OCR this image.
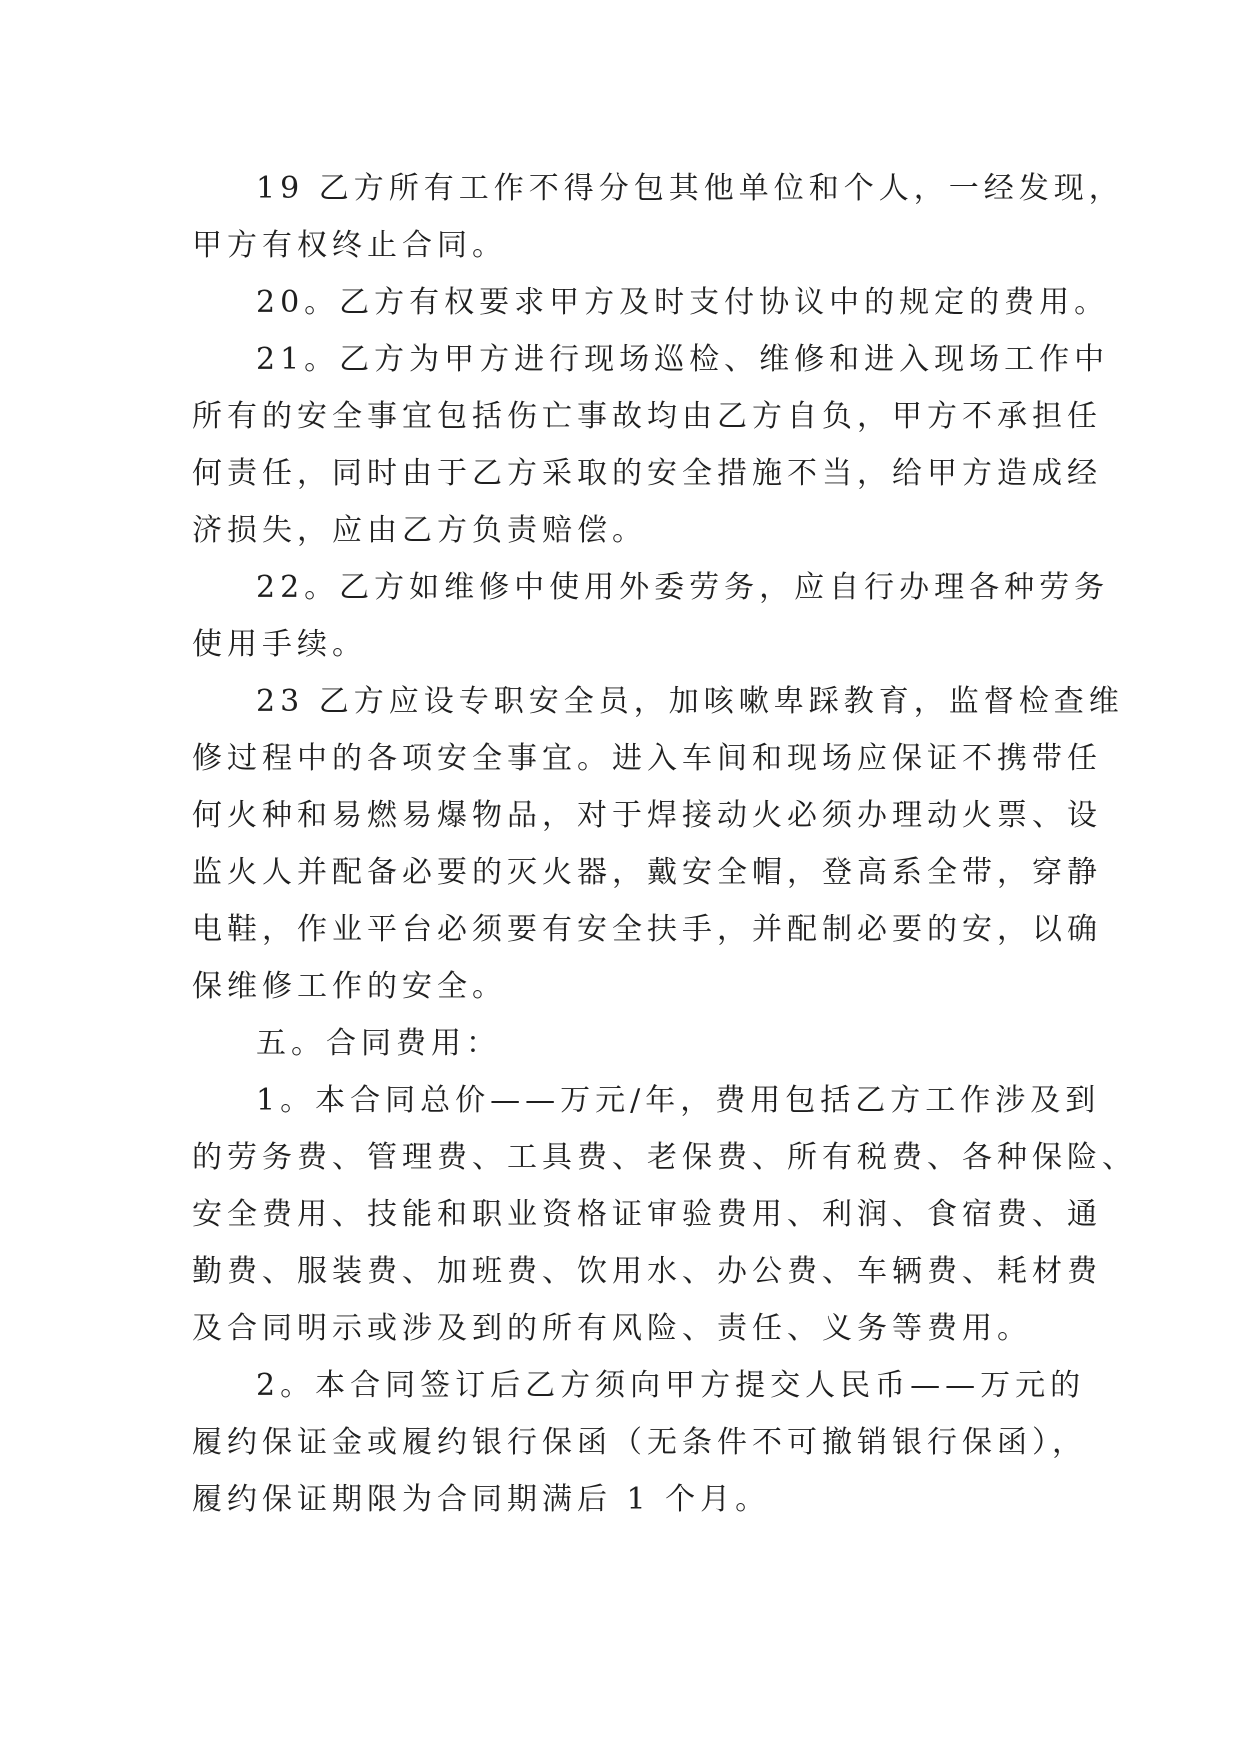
19 乙方所有工作不得分包其他单位和个人，一经发现，
甲方有权终止合同。
20。乙方有权要求甲方及时支付协议中的规定的费用。
21。乙方为甲方进行现场巡检、维修和进入现场工作中
所有的安全事宜包括伤亡事故均由乙方自负，甲方不承担任
何责任，同时由于乙方采取的安全措施不当，给甲方造成经
济损失，应由乙方负责赔偿。
22。乙方如维修中使用外委劳务，应自行办理各种劳务
使用手续。
23 乙方应设专职安全员，加咳嗽卑踩教育，监督检查维
修过程中的各项安全事宜。进入车间和现场应保证不携带任
何火种和易燃易爆物品，对于焊接动火必须办理动火票、设
监火人并配备必要的灭火器，戴安全帽，登高系全带，穿静
电鞋，作业平台必须要有安全扶手，并配制必要的安，以确
保维修工作的安全。
五。合同费用：
1。本合同总价——万元/年，费用包括乙方工作涉及到
的劳务费、管理费、工具费、老保费、所有税费、各种保险、
安全费用、技能和职业资格证审验费用、利润、食宿费、通
勤费、服装费、加班费、饮用水、办公费、车辆费、耗材费
及合同明示或涉及到的所有风险、责任、义务等费用。
2。本合同签订后乙方须向甲方提交人民币——万元的
履约保证金或履约银行保函（无条件不可撤销银行保函），
履约保证期限为合同期满后 1 个月。
